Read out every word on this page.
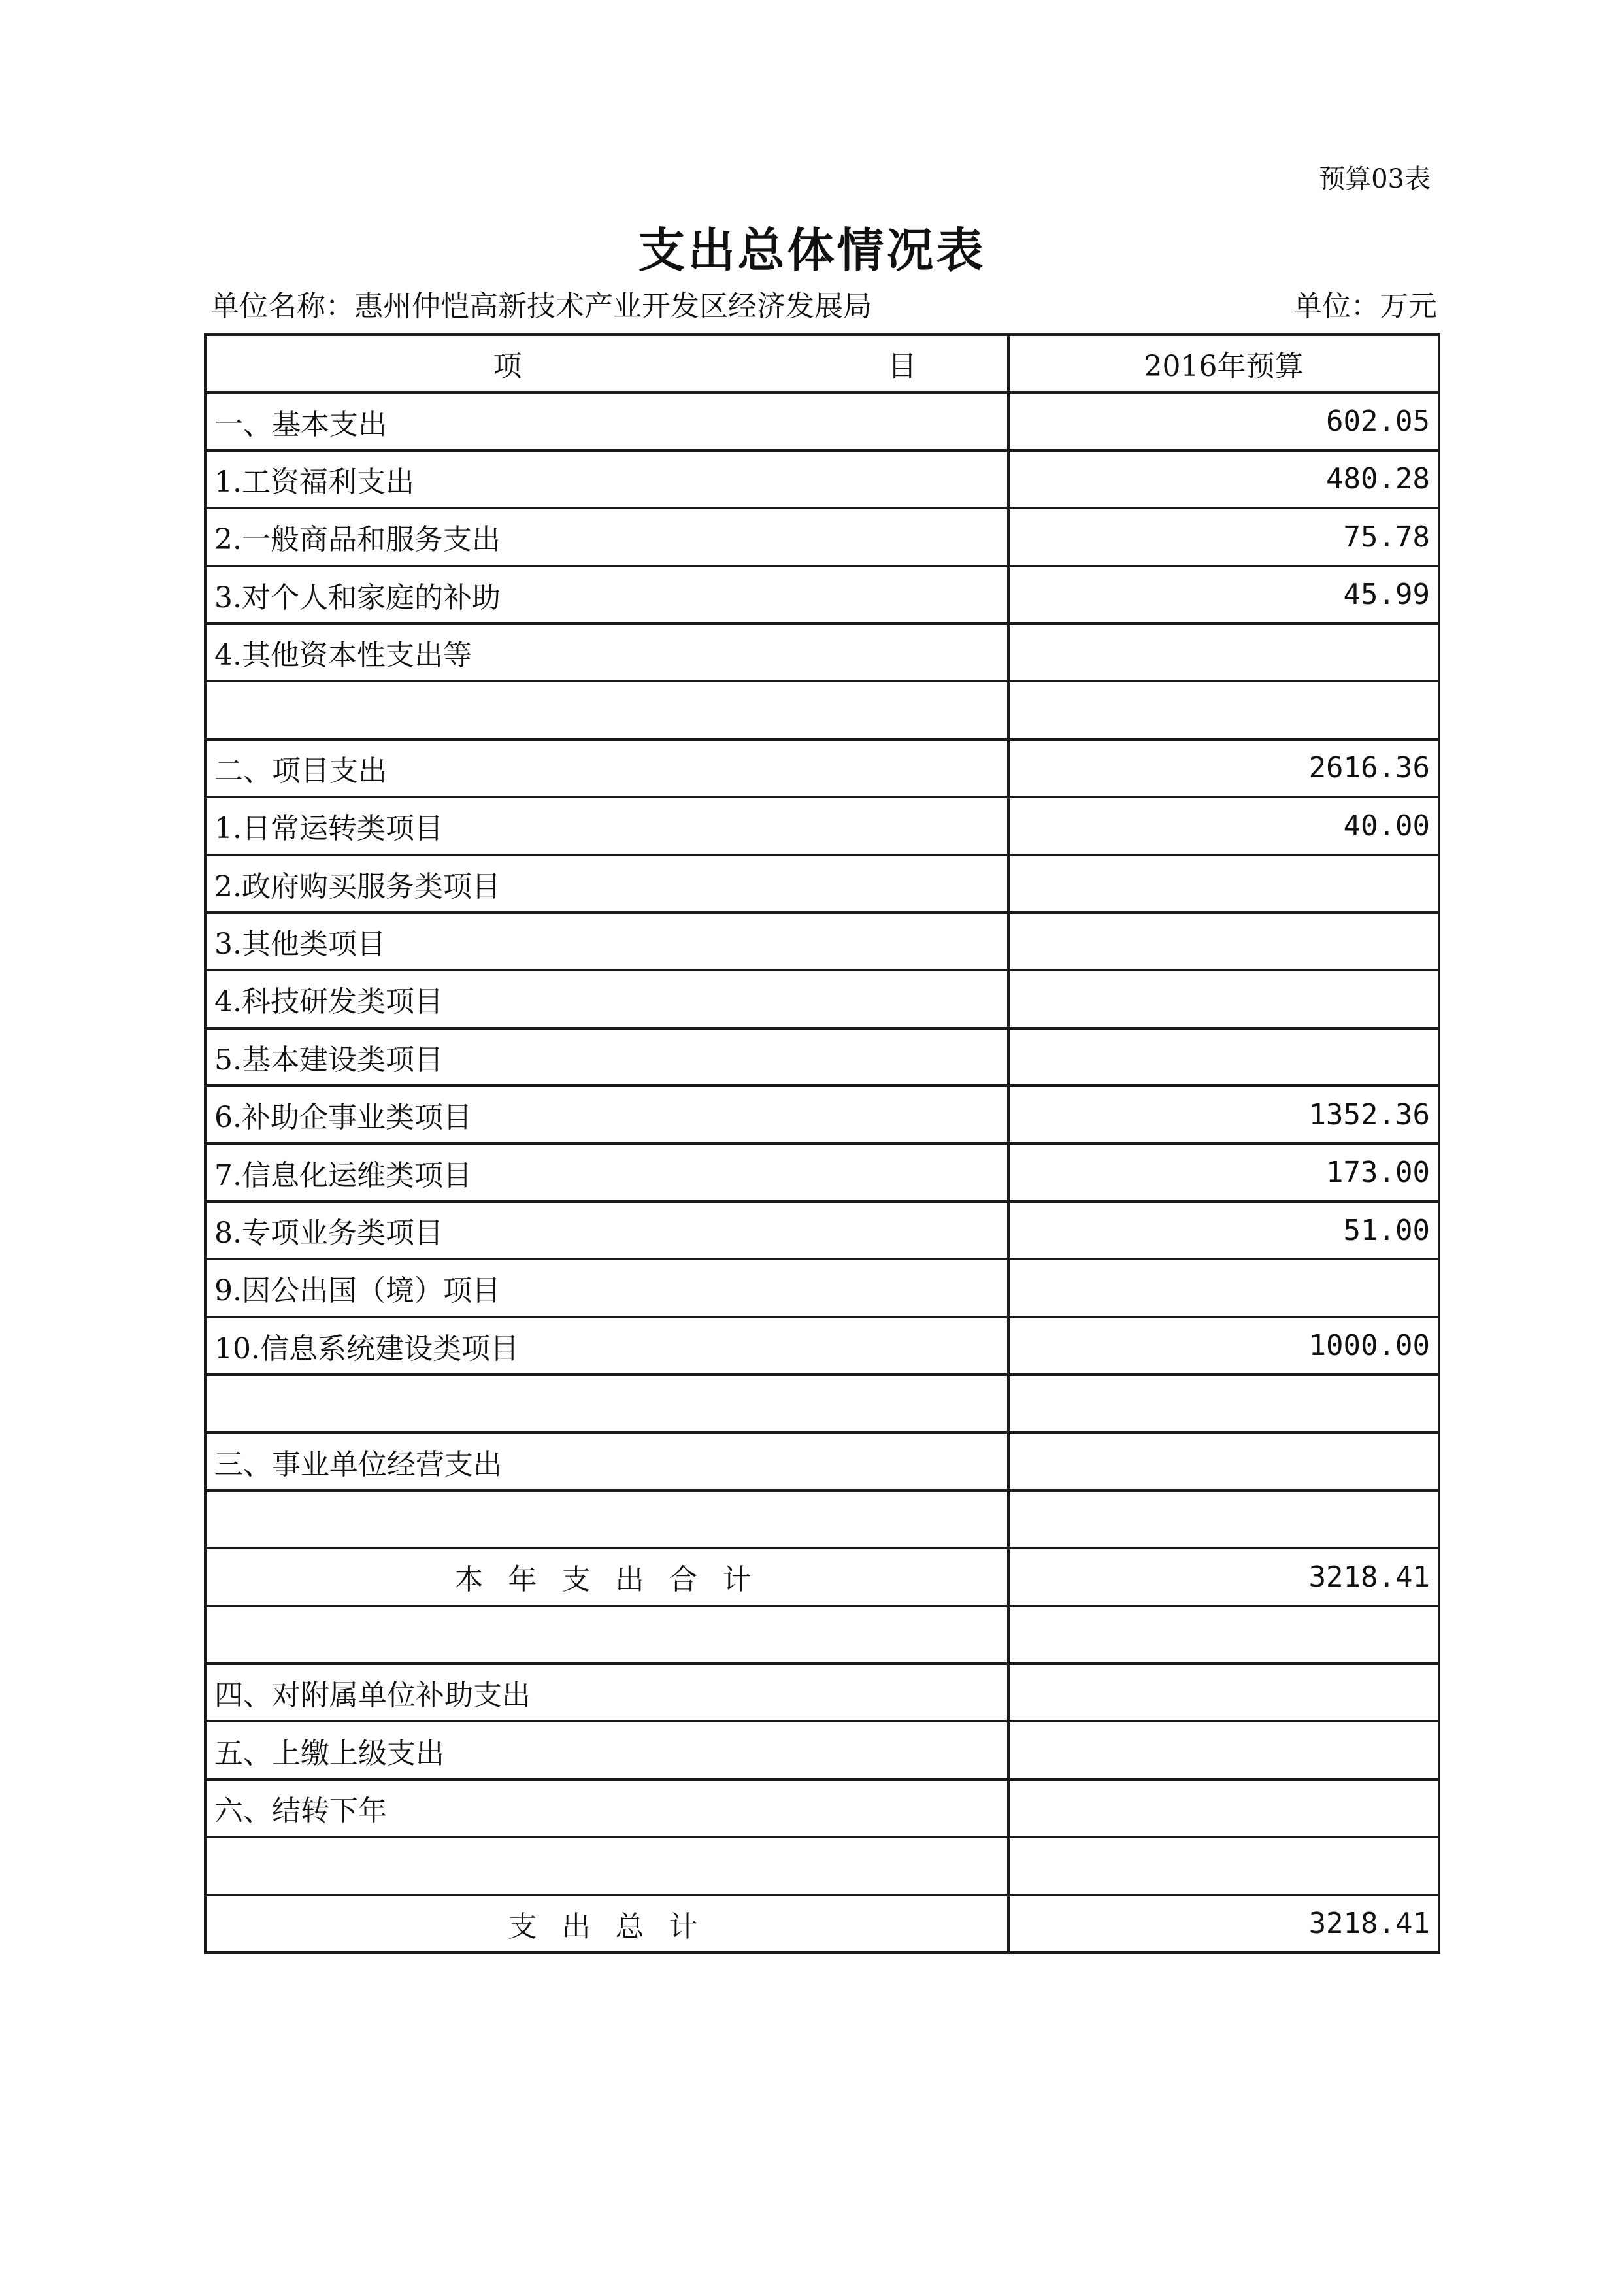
预算03表
支出总体情况表
单位名称：惠州仲恺高新技术产业开发区经济发展局	单位：万元
项 目	2016年预算
一、基本支出	602.05
1.工资福利支出	480.28
2.一般商品和服务支出	75.78
3.对个人和家庭的补助	45.99
4.其他资本性支出等	

二、项目支出	2616.36
1.日常运转类项目	40.00
2.政府购买服务类项目	
3.其他类项目	
4.科技研发类项目	
5.基本建设类项目	
6.补助企事业类项目	1352.36
7.信息化运维类项目	173.00
8.专项业务类项目	51.00
9.因公出国（境）项目	
10.信息系统建设类项目	1000.00

三、事业单位经营支出	

本 年 支 出 合 计	3218.41

四、对附属单位补助支出	
五、上缴上级支出	
六、结转下年	

支 出 总 计	3218.41
